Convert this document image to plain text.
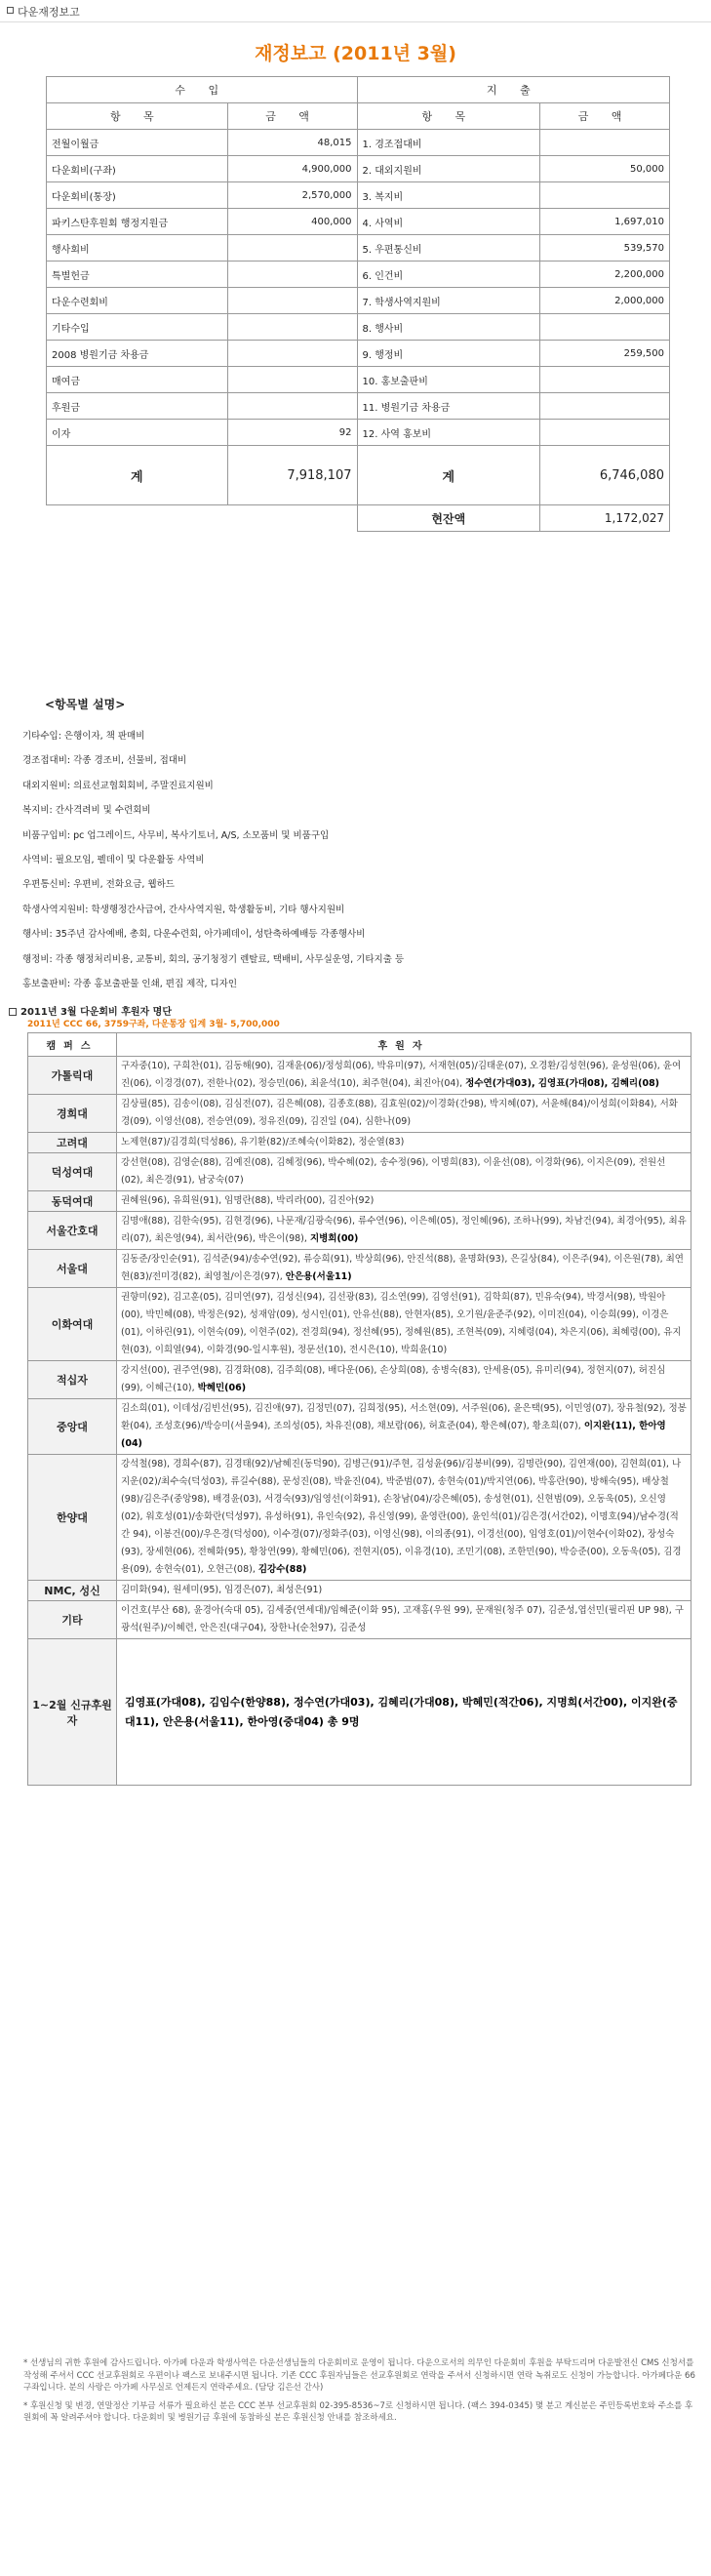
다운재정보고
재정보고 (2011년 3월)
수 입		지 출	
항 목	금 액	항 목	금 액
전월이월금	48,015	1. 경조접대비	
다운회비(구좌)	4,900,000	2. 대외지원비	50,000
다운회비(통장)	2,570,000	3. 복지비	
파키스탄후원회 행정지원금	400,000	4. 사역비	1,697,010
행사회비		5. 우편통신비	539,570
특별헌금		6. 인건비	2,200,000
다운수련회비		7. 학생사역지원비	2,000,000
기타수입		8. 행사비	
2008 병원기금 차용금		9. 행정비	259,500
매여금		10. 홍보출판비	
후원금		11. 병원기금 차용금	
이자	92	12. 사역 홍보비	
계	7,918,107	계	6,746,080
		현잔액	1,172,027
<항목별 설명>
기타수입: 은행이자, 책 판매비
경조접대비: 각종 경조비, 선물비, 접대비
대외지원비: 의료선교협회회비, 주말진료지원비
복지비: 간사격려비 및 수련회비
비품구입비: pc 업그레이드, 사무비, 복사기토너, A/S, 소모품비 및 비품구입
사역비: 필요모임, 펠데이 및 다운활동 사역비
우편통신비: 우편비, 전화요금, 웹하드
학생사역지원비: 학생행정간사급여, 간사사역지원, 학생활동비, 기타 행사지원비
행사비: 35주년 감사예배, 총회, 다운수련회, 아가페데이, 성탄축하예배등 각종행사비
행정비: 각종 행정처리비용, 교통비, 회의, 공기청정기 렌탈료, 택배비, 사무실운영, 기타지출 등
홍보출판비: 각종 홍보출판물 인쇄, 편집 제작, 디자인
2011년 3월 다운회비 후원자 명단
2011년 CCC 66, 3759구좌, 다운통장 입계 3월- 5,700,000
캠퍼스	후원자
가톨릭대	구자중(10), 구희찬(01), 김동해(90), 김재윤(06)/정성희(06), 박유미(97), 서재현(05)/김태운(07), 오경환/김성현(96), 윤성원(06), 윤여진(06), 이경경(07), 전한나(02), 정승민(06), 최윤석(10), 최주현(04), 최진아(04), 정수연(가대03), 김영표(가대08), 김혜리(08)
경희대	김상필(85), 김송이(08), 김심전(07), 김은혜(08), 김종호(88), 김효원(02)/이경화(간98), 박지혜(07), 서윤해(84)/이성희(이화84), 서화경(09), 이영선(08), 전승연(09), 정유진(09), 김진일 (04), 심한나(09)
고려대	노제현(87)/김경희(덕성86), 유기환(82)/조혜숙(이화82), 정순열(83)
덕성여대	강선현(08), 김영순(88), 김예진(08), 김혜정(96), 박수혜(02), 송수정(96), 이명희(83), 이윤선(08), 이경화(96), 이지은(09), 전원선(02), 최은경(91), 남궁숙(07)
동덕여대	권혜원(96), 유희원(91), 임명란(88), 박리라(00), 김진아(92)
서울간호대	김명애(88), 김한숙(95), 김현경(96), 나문재/김광숙(96), 류수연(96), 이은혜(05), 정인혜(96), 조하나(99), 차남건(94), 최경아(95), 최유리(07), 최은영(94), 최서란(96), 박은이(98), 지병희(00)
서울대	김동준/장인순(91), 김석준(94)/송수연(92), 류승희(91), 박상희(96), 안진석(88), 윤명화(93), 은길상(84), 이은주(94), 이은원(78), 최연현(83)/전미경(82), 최영철/이은경(97), 안은용(서울11)
이화여대	권향미(92), 김고훈(05), 김미연(97), 김성신(94), 김선광(83), 김소연(99), 김영선(91), 김학희(87), 민유숙(94), 박경서(98), 박원아(00), 박민혜(08), 박정은(92), 성재암(09), 성시인(01), 안유선(88), 안현자(85), 오기원/윤준주(92), 이미진(04), 이승희(99), 이경은(01), 이하린(91), 이현숙(09), 이현주(02), 전경희(94), 정선혜(95), 정혜원(85), 조현복(09), 지혜령(04), 차은지(06), 최혜령(00), 유지현(03), 이희열(94), 이화경(90-일시후원), 정문선(10), 전시은(10), 박희윤(10)
적십자	강지선(00), 권주연(98), 김경화(08), 김주희(08), 배다운(06), 손상희(08), 송병숙(83), 안세용(05), 유미리(94), 정현지(07), 허진심(99), 이혜근(10), 박혜민(06)
중앙대	김소희(01), 이데성/김빈선(95), 김진애(97), 김정민(07), 김희정(95), 서소현(09), 서주원(06), 윤은택(95), 이민영(07), 장유철(92), 정봉환(04), 조성호(96)/박승미(서울94), 조의성(05), 차유진(08), 채보람(06), 허효준(04), 황은혜(07), 황초희(07), 이지완(11), 한아영(04)
한양대	강석철(98), 경희수(87), 김경태(92)/남혜진(동덕90), 김병근(91)/주현, 김성윤(96)/김봉비(99), 김명란(90), 김연재(00), 김현희(01), 나지운(02)/최수숙(덕성03), 류길수(88), 문성진(08), 박윤진(04), 박준범(07), 송현숙(01)/박지연(06), 박홍란(90), 방해숙(95), 배상철(98)/김은주(중앙98), 배경윤(03), 서경숙(93)/임영선(이화91), 손창남(04)/강은혜(05), 송성현(01), 신현범(09), 오동욱(05), 오신영(02), 워호성(01)/송화란(덕성97), 유성하(91), 유인숙(92), 유신영(99), 윤영란(00), 윤인석(01)/김은경(서간02), 이명호(94)/남수경(적간 94), 이봉건(00)/우은경(덕성00), 이수경(07)/정화주(03), 이영신(98), 이의종(91), 이경선(00), 임영호(01)/이현수(이화02), 장성숙(93), 장세현(06), 전혜화(95), 황창연(99), 황혜민(06), 전현지(05), 이유경(10), 조민기(08), 조한민(90), 박승준(00), 오동욱(05), 김경용(09), 송현숙(01), 오현근(08), 김강수(88)
NMC, 성신	김미화(94), 원세미(95), 임경은(07), 최성은(91)
기타	이건호(부산 68), 윤경아(숙대 05), 김세중(연세대)/임혜준(이화 95), 고재홍(우원 99), 문재원(청주 07), 김준성,엽선민(필리핀 UP 98), 구광석(원주)/이혜련, 안은진(대구04), 장한나(순천97), 김준성
1~2월 신규후원자	김영표(가대08), 김임수(한양88), 정수연(가대03), 김혜리(가대08), 박혜민(적간06), 지명희(서간00), 이지완(중대11), 안은용(서울11), 한아영(중대04) 총 9명

* 선생님의 귀한 후원에 감사드립니다. 아가페 다운과 학생사역은 다운선생님들의 다운회비로 운영이 됩니다. 다운으로서의 의무인 다운회비 후원을 부탁드리며 다운발전신 CMS 신청서를 작성해 주셔서 CCC 선교후원회로 우편이나 팩스로 보내주시면 됩니다. 기존 CCC 후원자님들은 선교후원회로 연락을 주셔서 신청하시면 연락 녹취로도 신청이 가능합니다. 아가페다운 66구좌입니다. 분의 사랑은 아가페 사무실로 언제든지 연락주세요. (담당 김은선 간사)

* 후원신청 및 변경, 연말정산 기부금 서류가 필요하신 분은 CCC 본부 선교후원회 02-395-8536~7로 신청하시면 됩니다. (팩스 394-0345) 몇 분고 계신분은 주민등록번호와 주소를 후원회에 꼭 알려주셔야 합니다. 다운회비 및 병원기금 후원에 동참하실 분은 후원신청 안내를 참조하세요.
